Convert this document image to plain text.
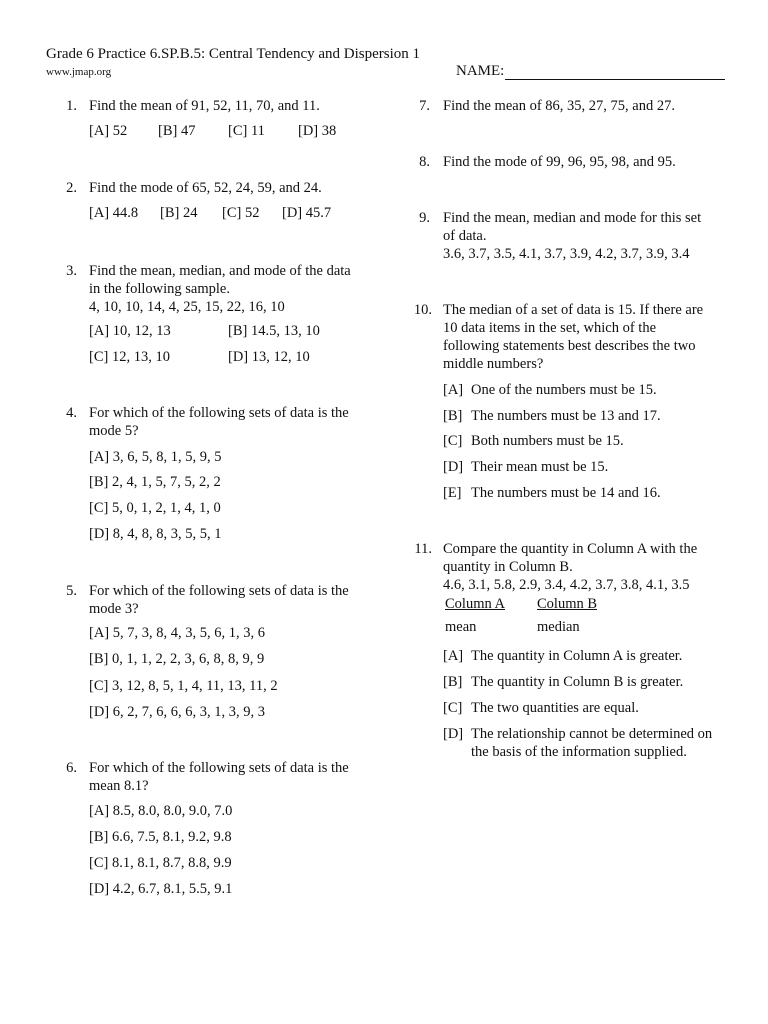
Grade 6 Practice 6.SP.B.5: Central Tendency and Dispersion 1
www.jmap.org	NAME:
1. Find the mean of 91, 52, 11, 70, and 11.
[A] 52 [B] 47 [C] 11 [D] 38
2. Find the mode of 65, 52, 24, 59, and 24.
[A] 44.8 [B] 24 [C] 52 [D] 45.7
3. Find the mean, median, and mode of the data
in the following sample.
4, 10, 10, 14, 4, 25, 15, 22, 16, 10
[A] 10, 12, 13	[B] 14.5, 13, 10
[C] 12, 13, 10	[D] 13, 12, 10
4. For which of the following sets of data is the
mode 5?
[A] 3, 6, 5, 8, 1, 5, 9, 5
[B] 2, 4, 1, 5, 7, 5, 2, 2
[C] 5, 0, 1, 2, 1, 4, 1, 0
[D] 8, 4, 8, 8, 3, 5, 5, 1
5. For which of the following sets of data is the
mode 3?
[A] 5, 7, 3, 8, 4, 3, 5, 6, 1, 3, 6
[B] 0, 1, 1, 2, 2, 3, 6, 8, 8, 9, 9
[C] 3, 12, 8, 5, 1, 4, 11, 13, 11, 2
[D] 6, 2, 7, 6, 6, 6, 3, 1, 3, 9, 3
6. For which of the following sets of data is the
mean 8.1?
[A] 8.5, 8.0, 8.0, 9.0, 7.0
[B] 6.6, 7.5, 8.1, 9.2, 9.8
[C] 8.1, 8.1, 8.7, 8.8, 9.9
[D] 4.2, 6.7, 8.1, 5.5, 9.1
7. Find the mean of 86, 35, 27, 75, and 27.
8. Find the mode of 99, 96, 95, 98, and 95.
9. Find the mean, median and mode for this set
of data.
3.6, 3.7, 3.5, 4.1, 3.7, 3.9, 4.2, 3.7, 3.9, 3.4
10. The median of a set of data is 15. If there are
10 data items in the set, which of the
following statements best describes the two
middle numbers?
[A] One of the numbers must be 15.
[B] The numbers must be 13 and 17.
[C] Both numbers must be 15.
[D] Their mean must be 15.
[E] The numbers must be 14 and 16.
11. Compare the quantity in Column A with the
quantity in Column B.
4.6, 3.1, 5.8, 2.9, 3.4, 4.2, 3.7, 3.8, 4.1, 3.5
Column A Column B
mean	median
[A] The quantity in Column A is greater.
[B] The quantity in Column B is greater.
[C] The two quantities are equal.
[D] The relationship cannot be determined on
the basis of the information supplied.
